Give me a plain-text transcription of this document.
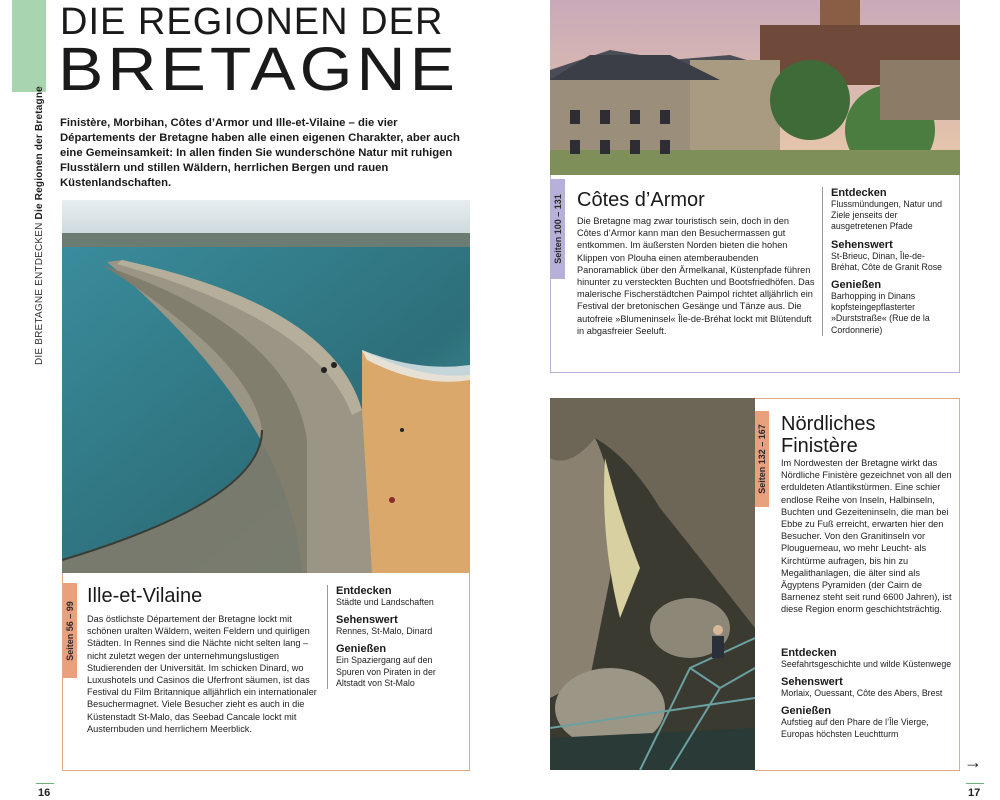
DIE BRETAGNE ENTDECKEN Die Regionen der Bretagne
DIE REGIONEN DER
BRETAGNE

Finistère, Morbihan, Côtes d’Armor und Ille-et-Vilaine – die vier Départements der Bretagne haben alle einen eigenen Charakter, aber auch eine Gemeinsamkeit: In allen finden Sie wunderschöne Natur mit ruhigen Flusstälern und stillen Wäldern, herrlichen Bergen und rauen Küstenlandschaften.

Seiten 56 – 99
Ille-et-Vilaine

Das östlichste Département der Bretagne lockt mit schönen uralten Wäldern, weiten Feldern und quirligen Städten. In Rennes sind die Nächte nicht selten lang – nicht zuletzt wegen der unternehmungslustigen Studierenden der Universität. Im schicken Dinard, wo Luxushotels und Casinos die Uferfront säumen, ist das Festival du Film Britannique alljährlich ein internationaler Besuchermagnet. Viele Besucher zieht es auch in die Küstenstadt St-Malo, das Seebad Cancale lockt mit Austernbuden und herrlichem Meerblick.

Entdecken
Städte und Landschaften
Sehenswert
Rennes, St-Malo, Dinard
Genießen
Ein Spaziergang auf den Spuren von Piraten in der Altstadt von St-Malo
16
Seiten 100 – 131 Côtes d’Armor

Die Bretagne mag zwar touristisch sein, doch in den Côtes d’Armor kann man den Besuchermassen gut entkommen. Im äußersten Norden bieten die hohen Klippen von Plouha einen atemberaubenden Panoramablick über den Ärmelkanal, Küstenpfade führen hinunter zu versteckten Buchten und Bootsfriedhöfen. Das malerische Fischerstädtchen Paimpol richtet alljährlich ein Festival der bretonischen Gesänge und Tänze aus. Die autofreie »Blumeninsel« Île-de-Bréhat lockt mit Blütenduft in abgasfreier Seeluft.

Entdecken
Flussmündungen, Natur und Ziele jenseits der ausgetretenen Pfade
Sehenswert
St-Brieuc, Dinan, Île-de-Bréhat, Côte de Granit Rose
Genießen
Barhopping in Dinans kopfsteingepflasterter »Durststraße« (Rue de la Cordonnerie)
Seiten 132 – 167
Nördliches
Finistère

Im Nordwesten der Bretagne wirkt das Nördliche Finistère gezeichnet von all den erduldeten Atlantikstürmen. Eine schier endlose Reihe von Inseln, Halbinseln, Buchten und Gezeiteninseln, die man bei Ebbe zu Fuß erreicht, erwarten hier den Besucher. Von den Granitinseln vor Plouguerneau, wo mehr Leucht- als Kirchtürme aufragen, bis hin zu Megalithanlagen, die älter sind als Ägyptens Pyramiden (der Cairn de Barnenez steht seit rund 6600 Jahren), ist diese Region enorm geschichtsträchtig.

Entdecken
Seefahrtsgeschichte und wilde Küstenwege
Sehenswert
Morlaix, Ouessant, Côte des Abers, Brest
Genießen
Aufstieg auf den Phare de l’Île Vierge, Europas höchsten Leuchtturm
→
17
